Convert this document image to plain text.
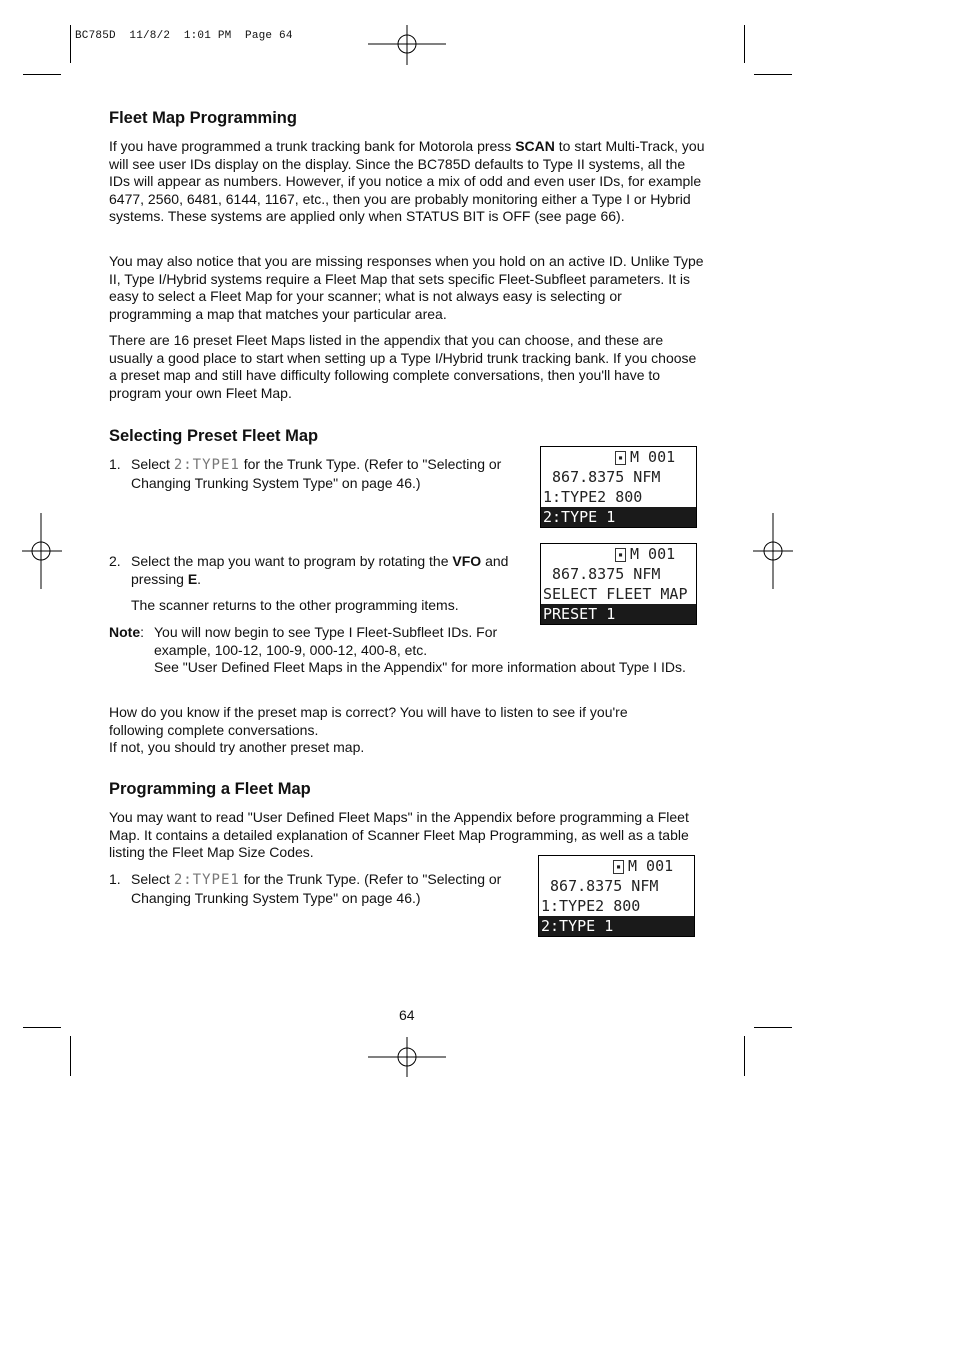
BC785D  11/8/2  1:01 PM  Page 64
Fleet Map Programming

If you have programmed a trunk tracking bank for Motorola press SCAN to start Multi-Track, you will see user IDs display on the display. Since the BC785D defaults to Type II systems, all the IDs will appear as numbers. However, if you notice a mix of odd and even user IDs, for example 6477, 2560, 6481, 6144, 1167, etc., then you are probably monitoring either a Type I or Hybrid systems. These systems are applied only when STATUS BIT is OFF (see page 66).

You may also notice that you are missing responses when you hold on an active ID. Unlike Type II, Type I/Hybrid systems require a Fleet Map that sets specific Fleet-Subfleet parameters. It is easy to select a Fleet Map for your scanner; what is not always easy is selecting or programming a map that matches your particular area.

There are 16 preset Fleet Maps listed in the appendix that you can choose, and these are usually a good place to start when setting up a Type I/Hybrid trunk tracking bank. If you choose a preset map and still have difficulty following complete conversations, then you'll have to program your own Fleet Map.

Selecting Preset Fleet Map
1. Select 2:TYPE1 for the Trunk Type. (Refer to "Selecting or Changing Trunking System Type" on page 46.)
▪ M 001
867.8375 NFM
1:TYPE2 800
2:TYPE 1
2. Select the map you want to program by rotating the VFO and pressing E.
The scanner returns to the other programming items.
▪ M 001
867.8375 NFM
SELECT FLEET MAP
PRESET 1
Note: You will now begin to see Type I Fleet-Subfleet IDs. For example, 100-12, 100-9, 000-12, 400-8, etc.
See "User Defined Fleet Maps in the Appendix" for more information about Type I IDs.

How do you know if the preset map is correct? You will have to listen to see if you're following complete conversations.

If not, you should try another preset map.

Programming a Fleet Map

You may want to read "User Defined Fleet Maps" in the Appendix before programming a Fleet Map. It contains a detailed explanation of Scanner Fleet Map Programming, as well as a table listing the Fleet Map Size Codes.

1. Select 2:TYPE1 for the Trunk Type. (Refer to "Selecting or Changing Trunking System Type" on page 46.)
▪ M 001
867.8375 NFM
1:TYPE2 800
2:TYPE 1
64
